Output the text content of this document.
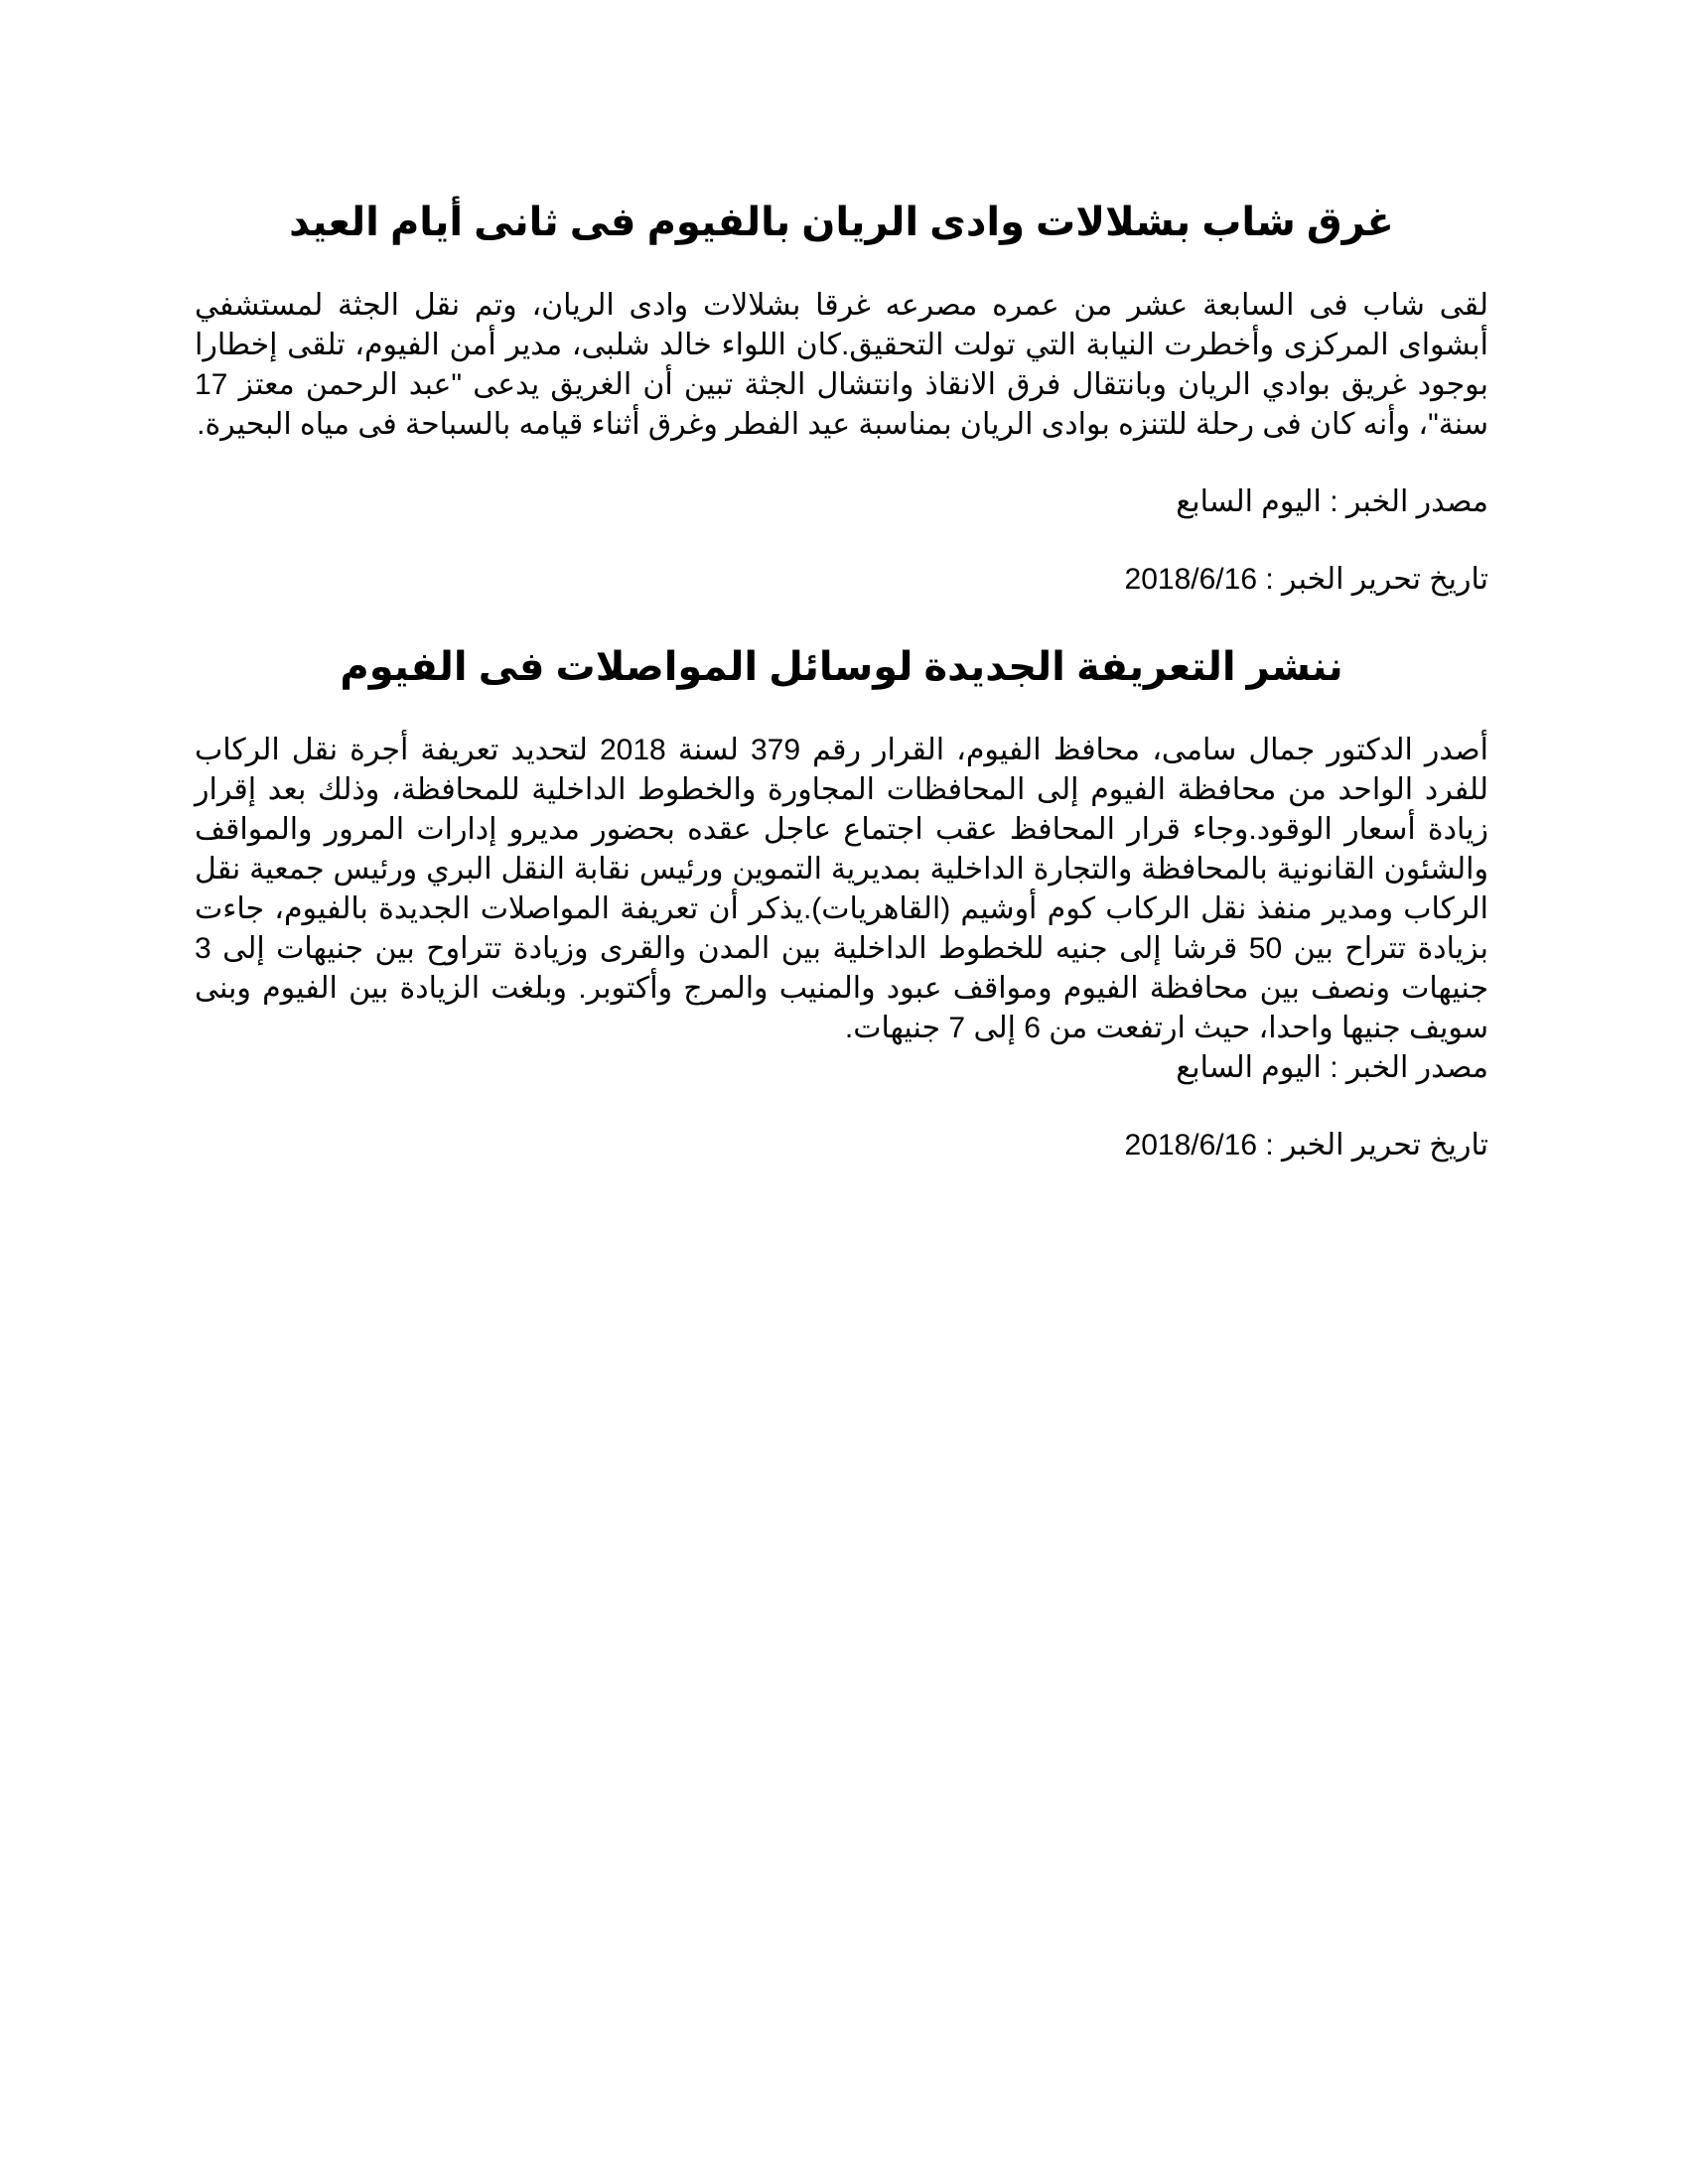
غرق شاب بشلالات وادى الريان بالفيوم فى ثانى أيام العيد

لقى شاب فى السابعة عشر من عمره مصرعه غرقا بشلالات وادى الريان، وتم نقل الجثة لمستشفي أبشواى المركزى وأخطرت النيابة التي تولت التحقيق.كان اللواء خالد شلبى، مدير أمن الفيوم، تلقى إخطارا بوجود غريق بوادي الريان وبانتقال فرق الانقاذ وانتشال الجثة تبين أن الغريق يدعى "عبد الرحمن معتز 17 سنة"، وأنه كان فى رحلة للتنزه بوادى الريان بمناسبة عيد الفطر وغرق أثناء قيامه بالسباحة فى مياه البحيرة.

مصدر الخبر : اليوم السابع

تاريخ تحرير الخبر : 2018/6/16

ننشر التعريفة الجديدة لوسائل المواصلات فى الفيوم

أصدر الدكتور جمال سامى، محافظ الفيوم، القرار رقم 379 لسنة 2018 لتحديد تعريفة أجرة نقل الركاب للفرد الواحد من محافظة الفيوم إلى المحافظات المجاورة والخطوط الداخلية للمحافظة، وذلك بعد إقرار زيادة أسعار الوقود.وجاء قرار المحافظ عقب اجتماع عاجل عقده بحضور مديرو إدارات المرور والمواقف والشئون القانونية بالمحافظة والتجارة الداخلية بمديرية التموين ورئيس نقابة النقل البري ورئيس جمعية نقل الركاب ومدير منفذ نقل الركاب كوم أوشيم (القاهريات).يذكر أن تعريفة المواصلات الجديدة بالفيوم، جاءت بزيادة تتراح بين 50 قرشا إلى جنيه للخطوط الداخلية بين المدن والقرى وزيادة تتراوح بين جنيهات إلى 3 جنيهات ونصف بين محافظة الفيوم ومواقف عبود والمنيب والمرج وأكتوبر. وبلغت الزيادة بين الفيوم وبنى سويف جنيها واحدا، حيث ارتفعت من 6 إلى 7 جنيهات.

مصدر الخبر : اليوم السابع

تاريخ تحرير الخبر : 2018/6/16
